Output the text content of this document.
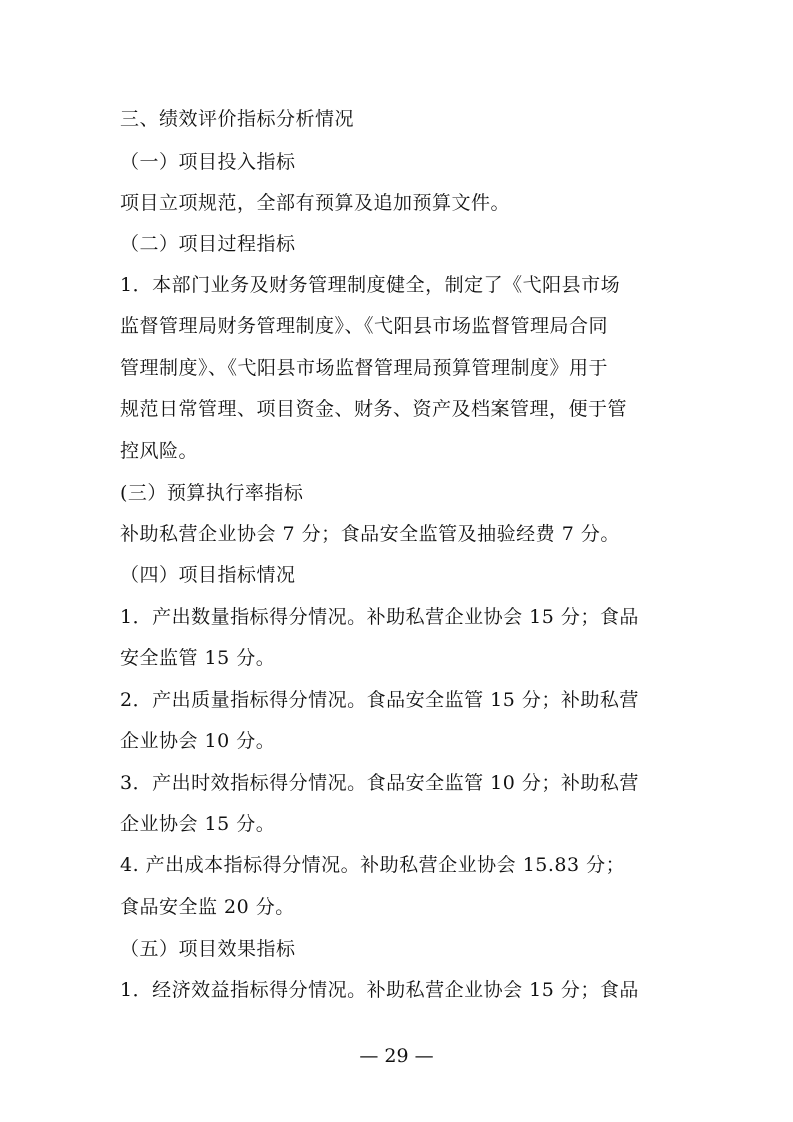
三、绩效评价指标分析情况
（一）项目投入指标
项目立项规范，全部有预算及追加预算文件。
（二）项目过程指标
1．本部门业务及财务管理制度健全，制定了《弋阳县市场
监督管理局财务管理制度》、《弋阳县市场监督管理局合同
管理制度》、《弋阳县市场监督管理局预算管理制度》用于
规范日常管理、项目资金、财务、资产及档案管理，便于管
控风险。
(三）预算执行率指标
补助私营企业协会 7 分；食品安全监管及抽验经费 7 分。
（四）项目指标情况
1．产出数量指标得分情况。补助私营企业协会 15 分；食品
安全监管 15 分。
2．产出质量指标得分情况。食品安全监管 15 分；补助私营
企业协会 10 分。
3．产出时效指标得分情况。食品安全监管 10 分；补助私营
企业协会 15 分。
4. 产出成本指标得分情况。补助私营企业协会 15.83 分；
食品安全监 20 分。
（五）项目效果指标
1．经济效益指标得分情况。补助私营企业协会 15 分；食品
— 29 —
